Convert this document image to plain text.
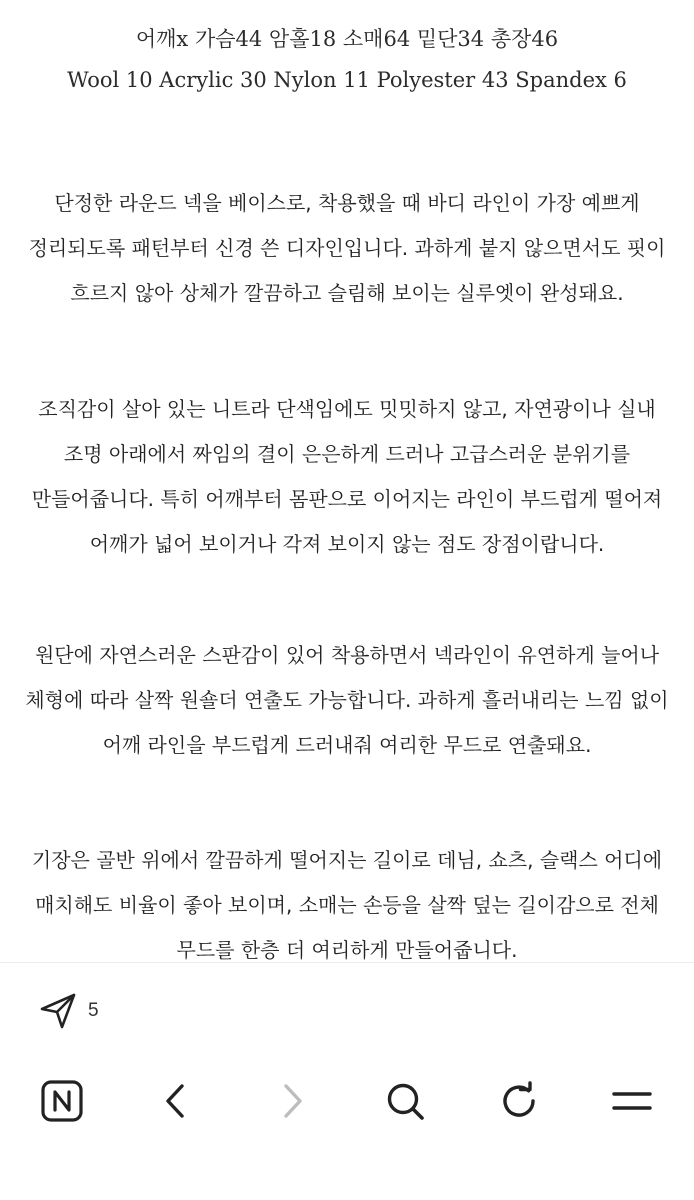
어깨x 가슴44 암홀18 소매64 밑단34 총장46
Wool 10 Acrylic 30 Nylon 11 Polyester 43 Spandex 6

단정한 라운드 넥을 베이스로, 착용했을 때 바디 라인이 가장 예쁘게 정리되도록 패턴부터 신경 쓴 디자인입니다. 과하게 붙지 않으면서도 핏이 흐르지 않아 상체가 깔끔하고 슬림해 보이는 실루엣이 완성돼요.

조직감이 살아 있는 니트라 단색임에도 밋밋하지 않고, 자연광이나 실내 조명 아래에서 짜임의 결이 은은하게 드러나 고급스러운 분위기를 만들어줍니다. 특히 어깨부터 몸판으로 이어지는 라인이 부드럽게 떨어져 어깨가 넓어 보이거나 각져 보이지 않는 점도 장점이랍니다.

원단에 자연스러운 스판감이 있어 착용하면서 넥라인이 유연하게 늘어나 체형에 따라 살짝 원숄더 연출도 가능합니다. 과하게 흘러내리는 느낌 없이 어깨 라인을 부드럽게 드러내줘 여리한 무드로 연출돼요.

기장은 골반 위에서 깔끔하게 떨어지는 길이로 데님, 쇼츠, 슬랙스 어디에 매치해도 비율이 좋아 보이며, 소매는 손등을 살짝 덮는 길이감으로 전체 무드를 한층 더 여리하게 만들어줍니다.

5
